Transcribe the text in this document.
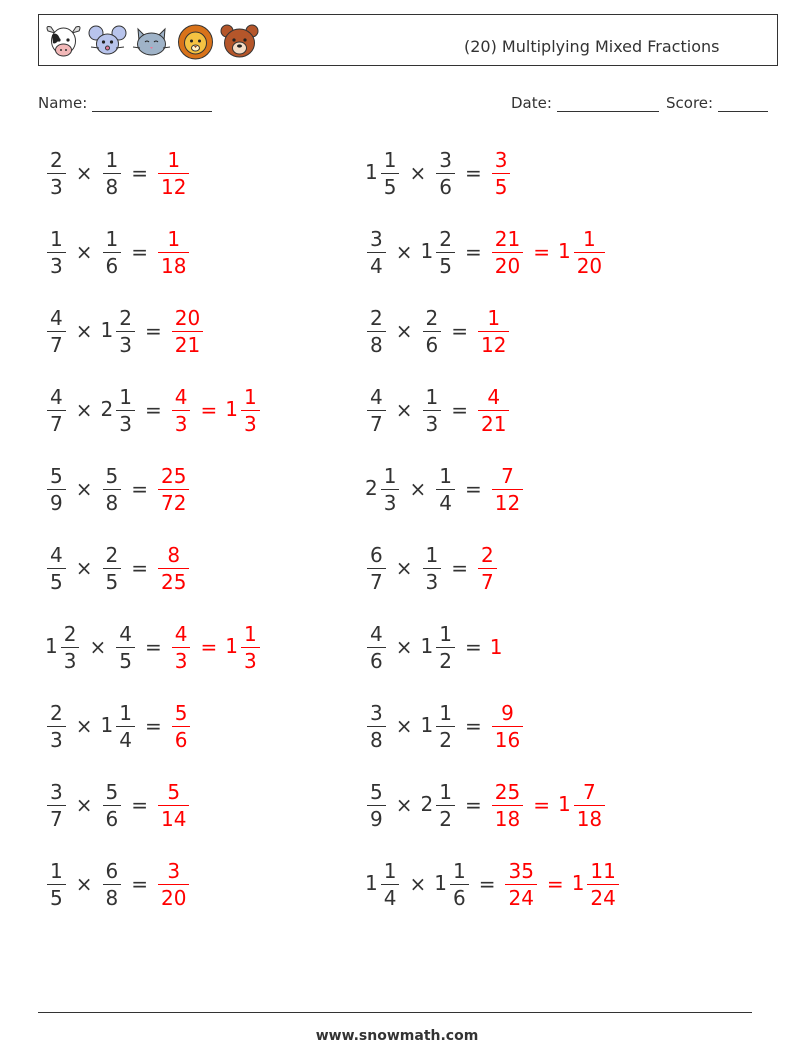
(20) Multiplying Mixed Fractions
Name:	Date:	Score:
$\frac{2}{3} \times \frac{1}{8} = \frac{1}{12}$	$1 \frac{1}{5} \times \frac{3}{6} = \frac{3}{5}$
$\frac{1}{3} \times \frac{1}{6} = \frac{1}{18}$	$\frac{3}{4} \times 1 \frac{2}{5} = \frac{21}{20} = 1 \frac{1}{20}$
$\frac{4}{7} \times 1 \frac{2}{3} = \frac{20}{21}$	$\frac{2}{8} \times \frac{2}{6} = \frac{1}{12}$
$\frac{4}{7} \times 2 \frac{1}{3} = \frac{4}{3} = 1 \frac{1}{3}$	$\frac{4}{7} \times \frac{1}{3} = \frac{4}{21}$
$\frac{5}{9} \times \frac{5}{8} = \frac{25}{72}$	$2 \frac{1}{3} \times \frac{1}{4} = \frac{7}{12}$
$\frac{4}{5} \times \frac{2}{5} = \frac{8}{25}$	$\frac{6}{7} \times \frac{1}{3} = \frac{2}{7}$
$1 \frac{2}{3} \times \frac{4}{5} = \frac{4}{3} = 1 \frac{1}{3}$	$\frac{4}{6} \times 1 \frac{1}{2} = 1$
$\frac{2}{3} \times 1 \frac{1}{4} = \frac{5}{6}$	$\frac{3}{8} \times 1 \frac{1}{2} = \frac{9}{16}$
$\frac{3}{7} \times \frac{5}{6} = \frac{5}{14}$	$\frac{5}{9} \times 2 \frac{1}{2} = \frac{25}{18} = 1 \frac{7}{18}$
$\frac{1}{5} \times \frac{6}{8} = \frac{3}{20}$	$1 \frac{1}{4} \times 1 \frac{1}{6} = \frac{35}{24} = 1 \frac{11}{24}$
www.snowmath.com
